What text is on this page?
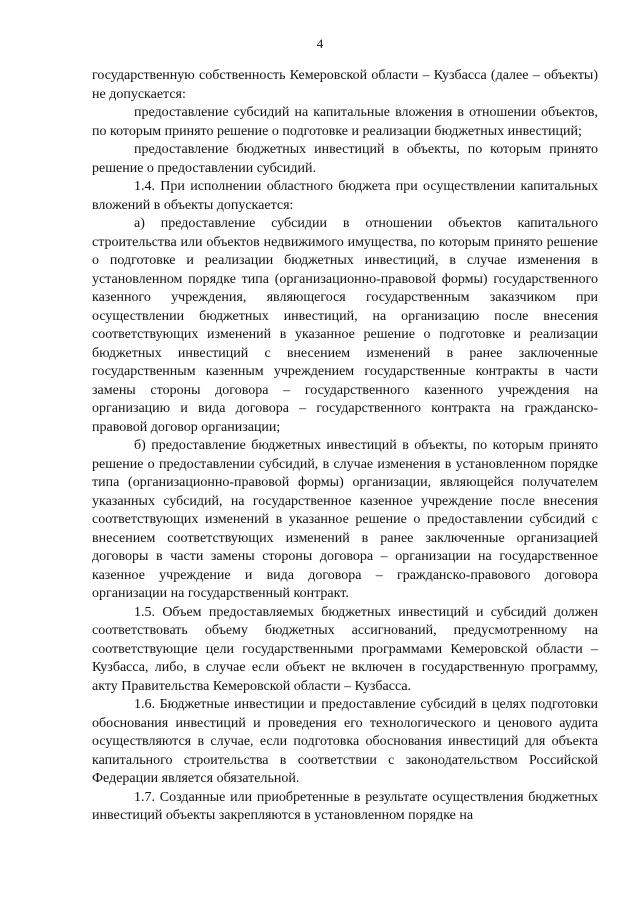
4

государственную собственность Кемеровской области – Кузбасса (далее – объекты) не допускается:

предоставление субсидий на капитальные вложения в отношении объектов, по которым принято решение о подготовке и реализации бюджетных инвестиций;

предоставление бюджетных инвестиций в объекты, по которым принято решение о предоставлении субсидий.

1.4. При исполнении областного бюджета при осуществлении капитальных вложений в объекты допускается:

а) предоставление субсидии в отношении объектов капитального строительства или объектов недвижимого имущества, по которым принято решение о подготовке и реализации бюджетных инвестиций, в случае изменения в установленном порядке типа (организационно-правовой формы) государственного казенного учреждения, являющегося государственным заказчиком при осуществлении бюджетных инвестиций, на организацию после внесения соответствующих изменений в указанное решение о подготовке и реализации бюджетных инвестиций с внесением изменений в ранее заключенные государственным казенным учреждением государственные контракты в части замены стороны договора – государственного казенного учреждения на организацию и вида договора – государственного контракта на гражданско-правовой договор организации;

б) предоставление бюджетных инвестиций в объекты, по которым принято решение о предоставлении субсидий, в случае изменения в установленном порядке типа (организационно-правовой формы) организации, являющейся получателем указанных субсидий, на государственное казенное учреждение после внесения соответствующих изменений в указанное решение о предоставлении субсидий с внесением соответствующих изменений в ранее заключенные организацией договоры в части замены стороны договора – организации на государственное казенное учреждение и вида договора – гражданско-правового договора организации на государственный контракт.

1.5. Объем предоставляемых бюджетных инвестиций и субсидий должен соответствовать объему бюджетных ассигнований, предусмотренному на соответствующие цели государственными программами Кемеровской области – Кузбасса, либо, в случае если объект не включен в государственную программу, акту Правительства Кемеровской области – Кузбасса.

1.6. Бюджетные инвестиции и предоставление субсидий в целях подготовки обоснования инвестиций и проведения его технологического и ценового аудита осуществляются в случае, если подготовка обоснования инвестиций для объекта капитального строительства в соответствии с законодательством Российской Федерации является обязательной.

1.7. Созданные или приобретенные в результате осуществления бюджетных инвестиций объекты закрепляются в установленном порядке на
